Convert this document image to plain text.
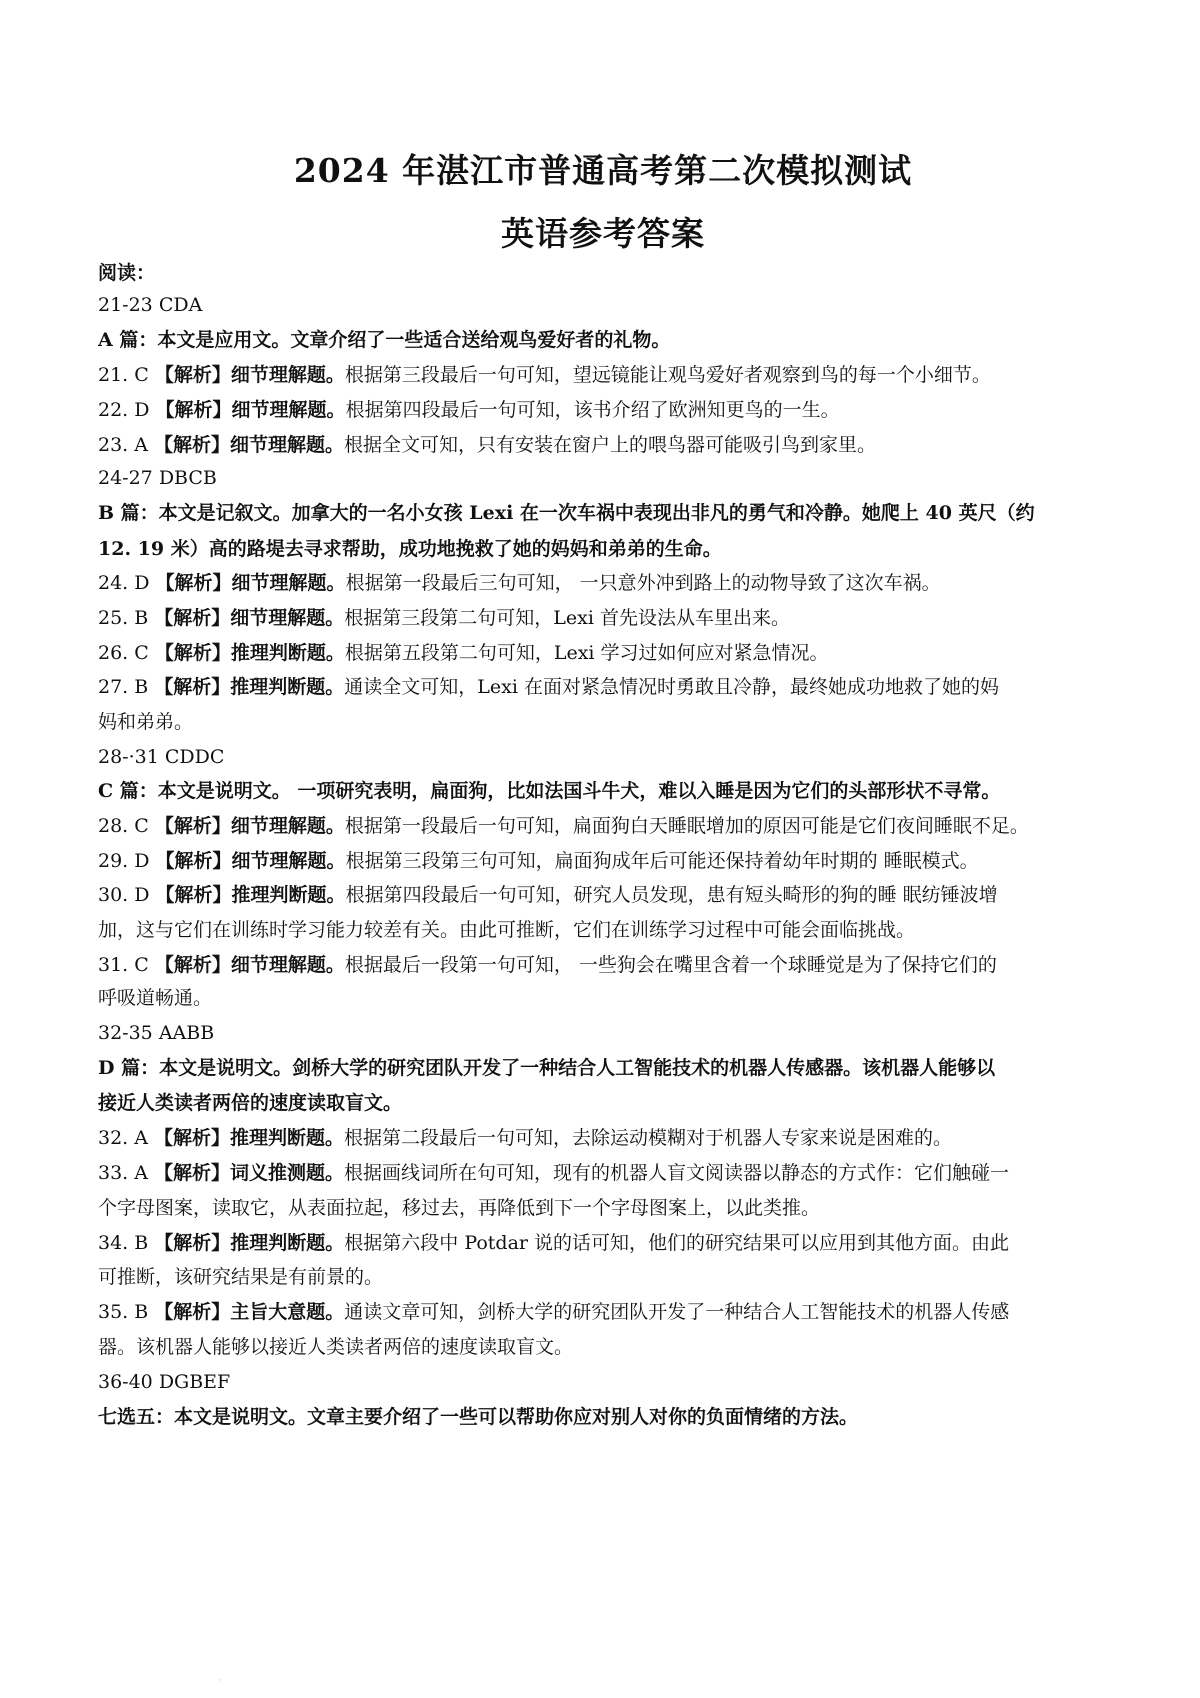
2024 年湛江市普通高考第二次模拟测试
英语参考答案
阅读：
21-23 CDA
A 篇：本文是应用文。文章介绍了一些适合送给观鸟爱好者的礼物。
21. C 【解析】细节理解题。根据第三段最后一句可知，望远镜能让观鸟爱好者观察到鸟的每一个小细节。
22. D 【解析】细节理解题。根据第四段最后一句可知，该书介绍了欧洲知更鸟的一生。
23. A 【解析】细节理解题。根据全文可知，只有安装在窗户上的喂鸟器可能吸引鸟到家里。
24-27 DBCB
B 篇：本文是记叙文。加拿大的一名小女孩 Lexi 在一次车祸中表现出非凡的勇气和冷静。她爬上 40 英尺（约
12. 19 米）高的路堤去寻求帮助，成功地挽救了她的妈妈和弟弟的生命。
24. D 【解析】细节理解题。根据第一段最后三句可知， 一只意外冲到路上的动物导致了这次车祸。
25. B 【解析】细节理解题。根据第三段第二句可知，Lexi 首先设法从车里出来。
26. C 【解析】推理判断题。根据第五段第二句可知，Lexi 学习过如何应对紧急情况。
27. B 【解析】推理判断题。通读全文可知，Lexi 在面对紧急情况时勇敢且冷静，最终她成功地救了她的妈
妈和弟弟。
28-·31 CDDC
C 篇：本文是说明文。 一项研究表明，扁面狗，比如法国斗牛犬，难以入睡是因为它们的头部形状不寻常。
28. C 【解析】细节理解题。根据第一段最后一句可知，扁面狗白天睡眠增加的原因可能是它们夜间睡眠不足。
29. D 【解析】细节理解题。根据第三段第三句可知，扁面狗成年后可能还保持着幼年时期的 睡眠模式。
30. D 【解析】推理判断题。根据第四段最后一句可知，研究人员发现，患有短头畸形的狗的睡 眠纺锤波增
加，这与它们在训练时学习能力较差有关。由此可推断，它们在训练学习过程中可能会面临挑战。
31. C 【解析】细节理解题。根据最后一段第一句可知， 一些狗会在嘴里含着一个球睡觉是为了保持它们的
呼吸道畅通。
32-35 AABB
D 篇：本文是说明文。剑桥大学的研究团队开发了一种结合人工智能技术的机器人传感器。该机器人能够以
接近人类读者两倍的速度读取盲文。
32. A 【解析】推理判断题。根据第二段最后一句可知，去除运动模糊对于机器人专家来说是困难的。
33. A 【解析】词义推测题。根据画线词所在句可知，现有的机器人盲文阅读器以静态的方式作：它们触碰一
个字母图案，读取它，从表面拉起，移过去，再降低到下一个字母图案上，以此类推。
34. B 【解析】推理判断题。根据第六段中 Potdar 说的话可知，他们的研究结果可以应用到其他方面。由此
可推断，该研究结果是有前景的。
35. B 【解析】主旨大意题。通读文章可知，剑桥大学的研究团队开发了一种结合人工智能技术的机器人传感
器。该机器人能够以接近人类读者两倍的速度读取盲文。
36-40 DGBEF
七选五：本文是说明文。文章主要介绍了一些可以帮助你应对别人对你的负面情绪的方法。
·
